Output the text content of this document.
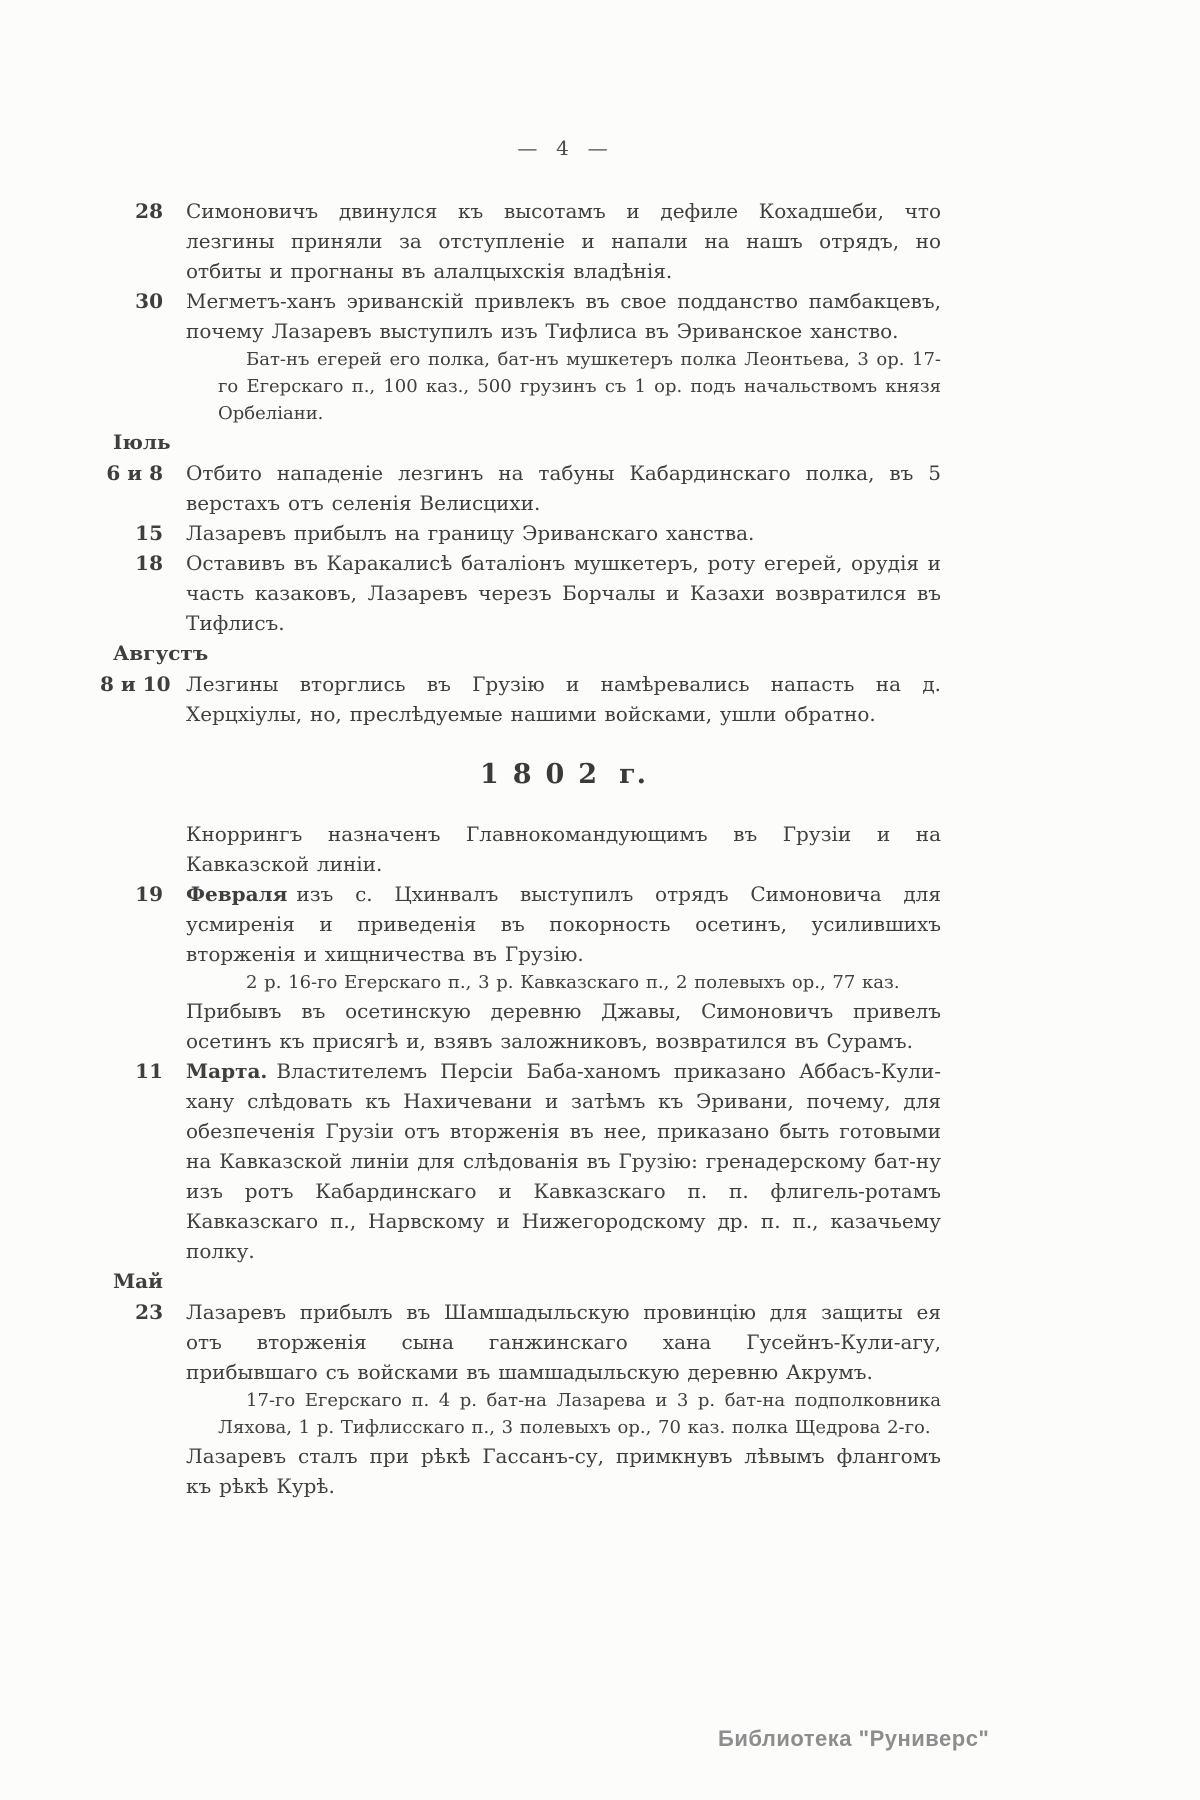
—  4  —
28 Симоновичъ двинулся къ высотамъ и дефиле Кохадшеби, что лезгины приняли за отступленіе и напали на нашъ отрядъ, но отбиты и прогнаны въ алалцыхскія владѣнія.

30 Мегметъ-ханъ эриванскій привлекъ въ свое подданство памбакцевъ, почему Лазаревъ выступилъ изъ Тифлиса въ Эриванское ханство.

Бат-нъ егерей его полка, бат-нъ мушкетеръ полка Леонтьева, 3 ор. 17-го Егерскаго п., 100 каз., 500 грузинъ съ 1 ор. подъ начальствомъ князя Орбеліани.

Іюль
6 и 8 Отбито нападеніе лезгинъ на табуны Кабардинскаго полка, въ 5 верстахъ отъ селенія Велисцихи.

15 Лазаревъ прибылъ на границу Эриванскаго ханства.

18 Оставивъ въ Каракалисѣ баталіонъ мушкетеръ, роту егерей, орудія и часть казаковъ, Лазаревъ черезъ Борчалы и Казахи возвратился въ Тифлисъ.

Августъ
8 и 10 Лезгины вторглись въ Грузію и намѣревались напасть на д. Херцхіулы, но, преслѣдуемые нашими войсками, ушли обратно.

1802 г.

Кноррингъ назначенъ Главнокомандующимъ въ Грузіи и на Кавказской линіи.

19 Февраля изъ с. Цхинвалъ выступилъ отрядъ Симоновича для усмиренія и приведенія въ покорность осетинъ, усилившихъ вторженія и хищничества въ Грузію.

2 р. 16-го Егерскаго п., 3 р. Кавказскаго п., 2 полевыхъ ор., 77 каз.

Прибывъ въ осетинскую деревню Джавы, Симоновичъ привелъ осетинъ къ присягѣ и, взявъ заложниковъ, возвратился въ Сурамъ.

11 Марта. Властителемъ Персіи Баба-ханомъ приказано Аббасъ-Кули-хану слѣдовать къ Нахичевани и затѣмъ къ Эривани, почему, для обезпеченія Грузіи отъ вторженія въ нее, приказано быть готовыми на Кавказской линіи для слѣдованія въ Грузію: гренадерскому бат-ну изъ ротъ Кабардинскаго и Кавказскаго п. п. флигель-ротамъ Кавказскаго п., Нарвскому и Нижегородскому др. п. п., казачьему полку.

Май
23 Лазаревъ прибылъ въ Шамшадыльскую провинцію для защиты ея отъ вторженія сына ганжинскаго хана Гусейнъ-Кули-агу, прибывшаго съ войсками въ шамшадыльскую деревню Акрумъ.

17-го Егерскаго п. 4 р. бат-на Лазарева и 3 р. бат-на подполковника Ляхова, 1 р. Тифлисскаго п., 3 полевыхъ ор., 70 каз. полка Щедрова 2-го.

Лазаревъ сталъ при рѣкѣ Гассанъ-су, примкнувъ лѣвымъ флангомъ къ рѣкѣ Курѣ.

Библиотека "Руниверс"
